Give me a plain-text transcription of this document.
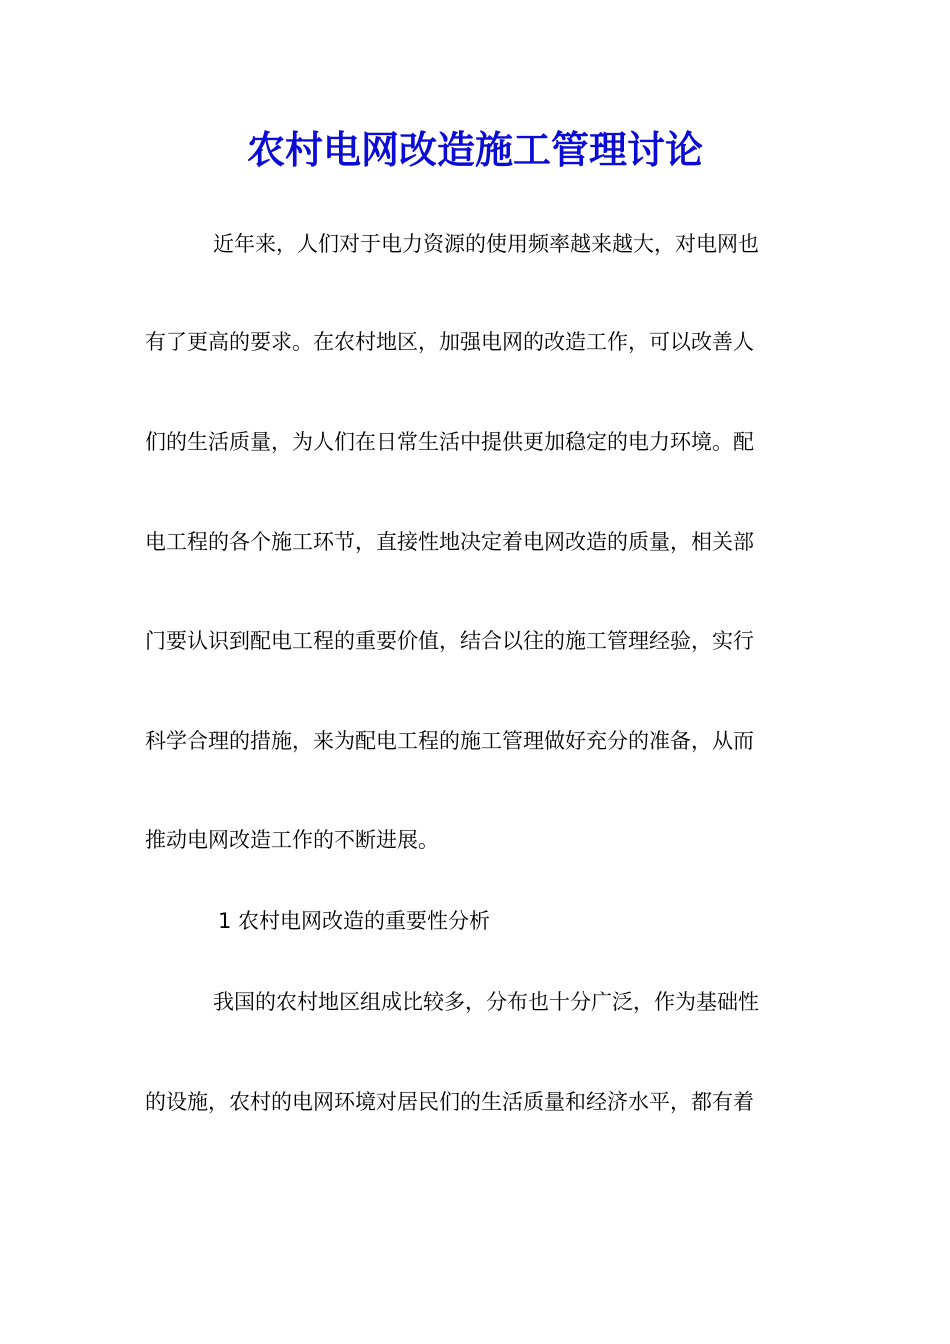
农村电网改造施工管理讨论
近年来，人们对于电力资源的使用频率越来越大，对电网也
有了更高的要求。在农村地区，加强电网的改造工作，可以改善人
们的生活质量，为人们在日常生活中提供更加稳定的电力环境。配
电工程的各个施工环节，直接性地决定着电网改造的质量，相关部
门要认识到配电工程的重要价值，结合以往的施工管理经验，实行
科学合理的措施，来为配电工程的施工管理做好充分的准备，从而
推动电网改造工作的不断进展。
1 农村电网改造的重要性分析
我国的农村地区组成比较多，分布也十分广泛，作为基础性
的设施，农村的电网环境对居民们的生活质量和经济水平，都有着
